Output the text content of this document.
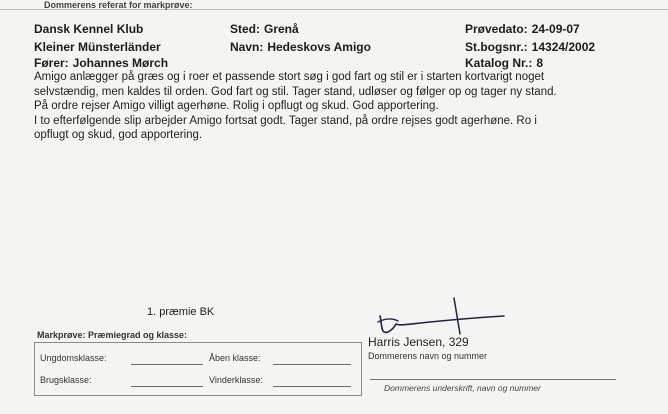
Dommerens referat for markprøve:
Dansk Kennel Klub
Kleiner Münsterländer
Fører: Johannes Mørch
Sted: Grenå
Navn: Hedeskovs Amigo
Prøvedato: 24-09-07
St.bogsnr.: 14324/2002
Katalog Nr.: 8

Amigo anlægger på græs og i roer et passende stort søg i god fart og stil er i starten kortvarigt noget

selvstændig, men kaldes til orden. God fart og stil. Tager stand, udløser og følger op og tager ny stand.

På ordre rejser Amigo villigt agerhøne. Rolig i opflugt og skud. God apportering.

I to efterfølgende slip arbejder Amigo fortsat godt. Tager stand, på ordre rejses godt agerhøne. Ro i

opflugt og skud, god apportering.

1. præmie BK
Markprøve: Præmiegrad og klasse:
Ungdomsklasse:	Åben klasse:
Brugsklasse:	Vinderklasse:
Harris Jensen, 329
Dommerens navn og nummer
Dommerens underskrift, navn og nummer
